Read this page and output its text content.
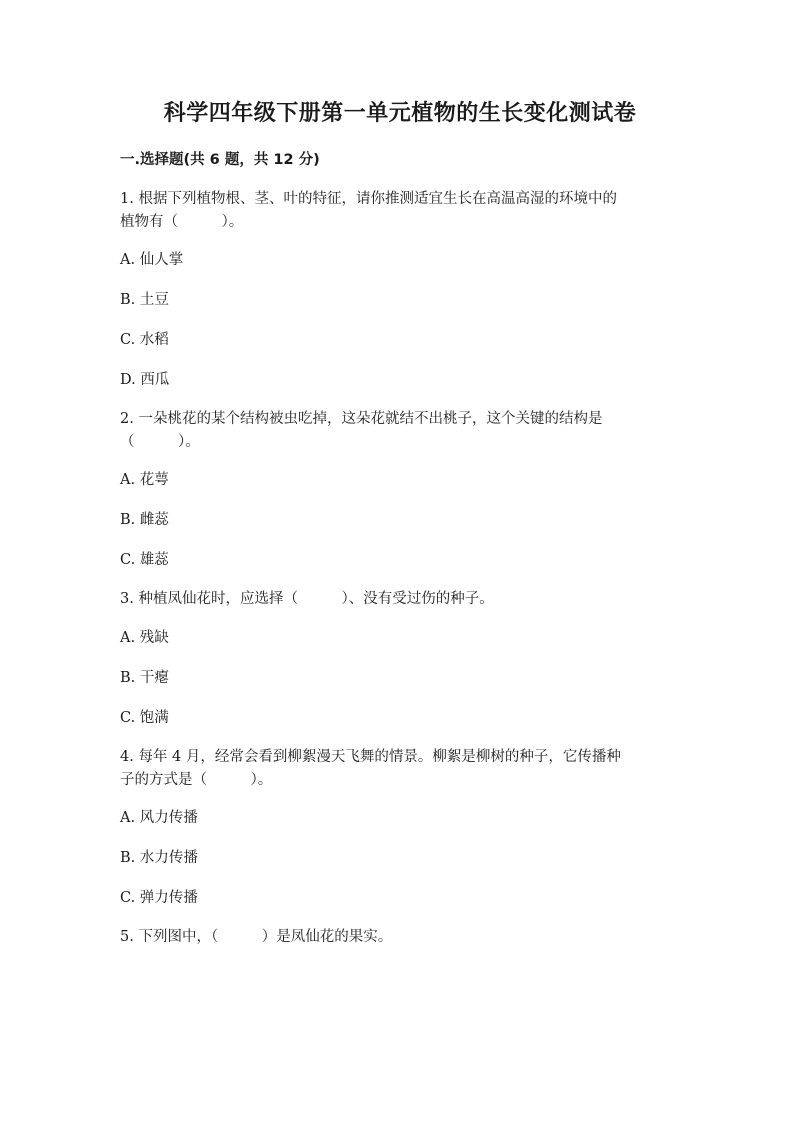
科学四年级下册第一单元植物的生长变化测试卷
一.选择题(共 6 题，共 12 分)
1. 根据下列植物根、茎、叶的特征，请你推测适宜生长在高温高湿的环境中的
植物有（　　　）。
A. 仙人掌
B. 土豆
C. 水稻
D. 西瓜
2. 一朵桃花的某个结构被虫吃掉，这朵花就结不出桃子，这个关键的结构是
（　　　）。
A. 花萼
B. 雌蕊
C. 雄蕊
3. 种植凤仙花时，应选择（　　　）、没有受过伤的种子。
A. 残缺
B. 干瘪
C. 饱满
4. 每年 4 月，经常会看到柳絮漫天飞舞的情景。柳絮是柳树的种子，它传播种
子的方式是（　　　）。
A. 风力传播
B. 水力传播
C. 弹力传播
5. 下列图中，（　　　）是凤仙花的果实。
